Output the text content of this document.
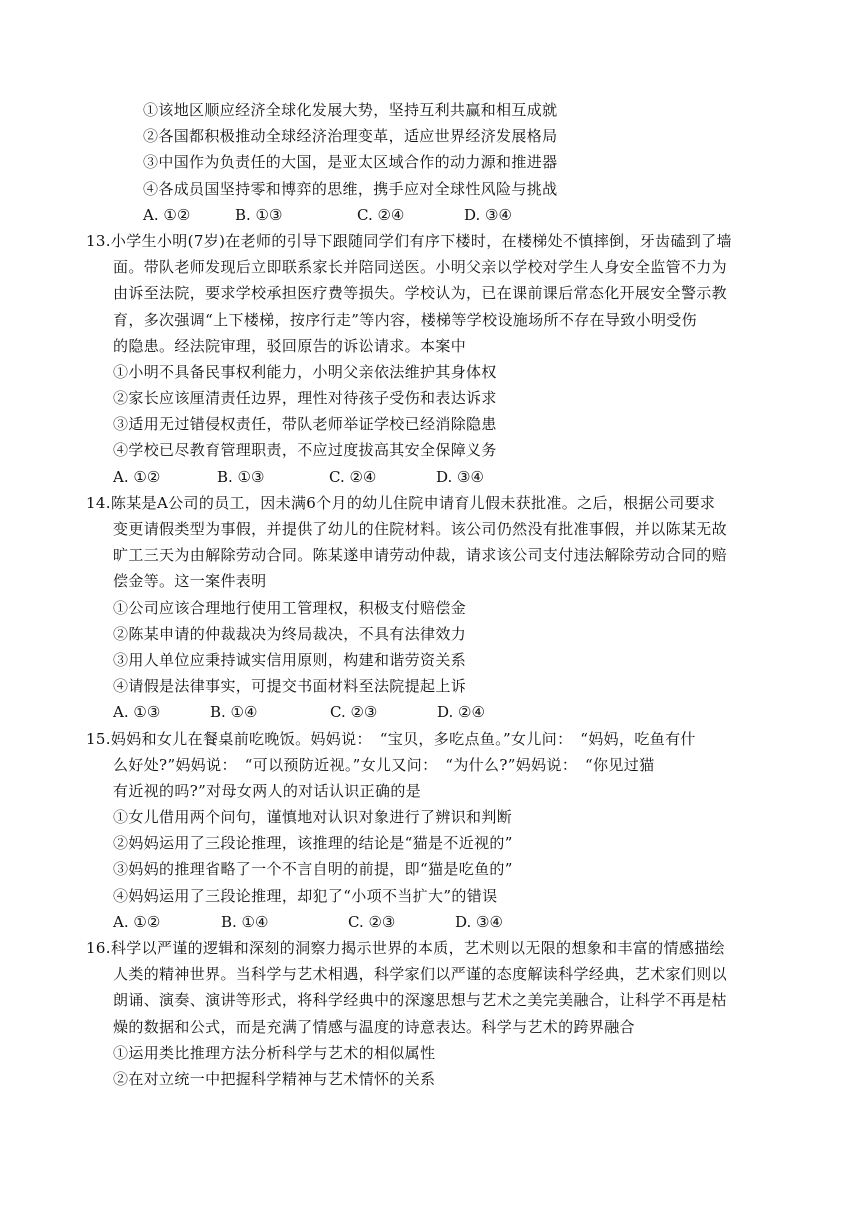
①该地区顺应经济全球化发展大势，坚持互利共赢和相互成就
②各国都积极推动全球经济治理变革，适应世界经济发展格局
③中国作为负责任的大国，是亚太区域合作的动力源和推进器
④各成员国坚持零和博弈的思维，携手应对全球性风险与挑战
A. ①②	B. ①③	C. ②④	D. ③④
13.小学生小明(7岁)在老师的引导下跟随同学们有序下楼时，在楼梯处不慎摔倒，牙齿磕到了墙
面。带队老师发现后立即联系家长并陪同送医。小明父亲以学校对学生人身安全监管不力为
由诉至法院，要求学校承担医疗费等损失。学校认为，已在课前课后常态化开展安全警示教
育，多次强调“上下楼梯，按序行走”等内容，楼梯等学校设施场所不存在导致小明受伤
的隐患。经法院审理，驳回原告的诉讼请求。本案中
①小明不具备民事权利能力，小明父亲依法维护其身体权
②家长应该厘清责任边界，理性对待孩子受伤和表达诉求
③适用无过错侵权责任，带队老师举证学校已经消除隐患
④学校已尽教育管理职责，不应过度拔高其安全保障义务
A. ①②	B. ①③	C. ②④	D. ③④
14.陈某是A公司的员工，因未满6个月的幼儿住院申请育儿假未获批准。之后，根据公司要求
变更请假类型为事假，并提供了幼儿的住院材料。该公司仍然没有批准事假，并以陈某无故
旷工三天为由解除劳动合同。陈某遂申请劳动仲裁，请求该公司支付违法解除劳动合同的赔
偿金等。这一案件表明
①公司应该合理地行使用工管理权，积极支付赔偿金
②陈某申请的仲裁裁决为终局裁决，不具有法律效力
③用人单位应秉持诚实信用原则，构建和谐劳资关系
④请假是法律事实，可提交书面材料至法院提起上诉
A. ①③	B. ①④	C. ②③	D. ②④
15.妈妈和女儿在餐桌前吃晚饭。妈妈说：　“宝贝，多吃点鱼。”女儿问：　“妈妈，吃鱼有什
么好处?”妈妈说：　“可以预防近视。”女儿又问：　“为什么?”妈妈说：　“你见过猫
有近视的吗?”对母女两人的对话认识正确的是
①女儿借用两个问句，谨慎地对认识对象进行了辨识和判断
②妈妈运用了三段论推理，该推理的结论是“猫是不近视的”
③妈妈的推理省略了一个不言自明的前提，即“猫是吃鱼的”
④妈妈运用了三段论推理，却犯了“小项不当扩大”的错误
A. ①②	B. ①④	C. ②③	D. ③④
16.科学以严谨的逻辑和深刻的洞察力揭示世界的本质，艺术则以无限的想象和丰富的情感描绘
人类的精神世界。当科学与艺术相遇，科学家们以严谨的态度解读科学经典，艺术家们则以
朗诵、演奏、演讲等形式，将科学经典中的深邃思想与艺术之美完美融合，让科学不再是枯
燥的数据和公式，而是充满了情感与温度的诗意表达。科学与艺术的跨界融合
①运用类比推理方法分析科学与艺术的相似属性
②在对立统一中把握科学精神与艺术情怀的关系
